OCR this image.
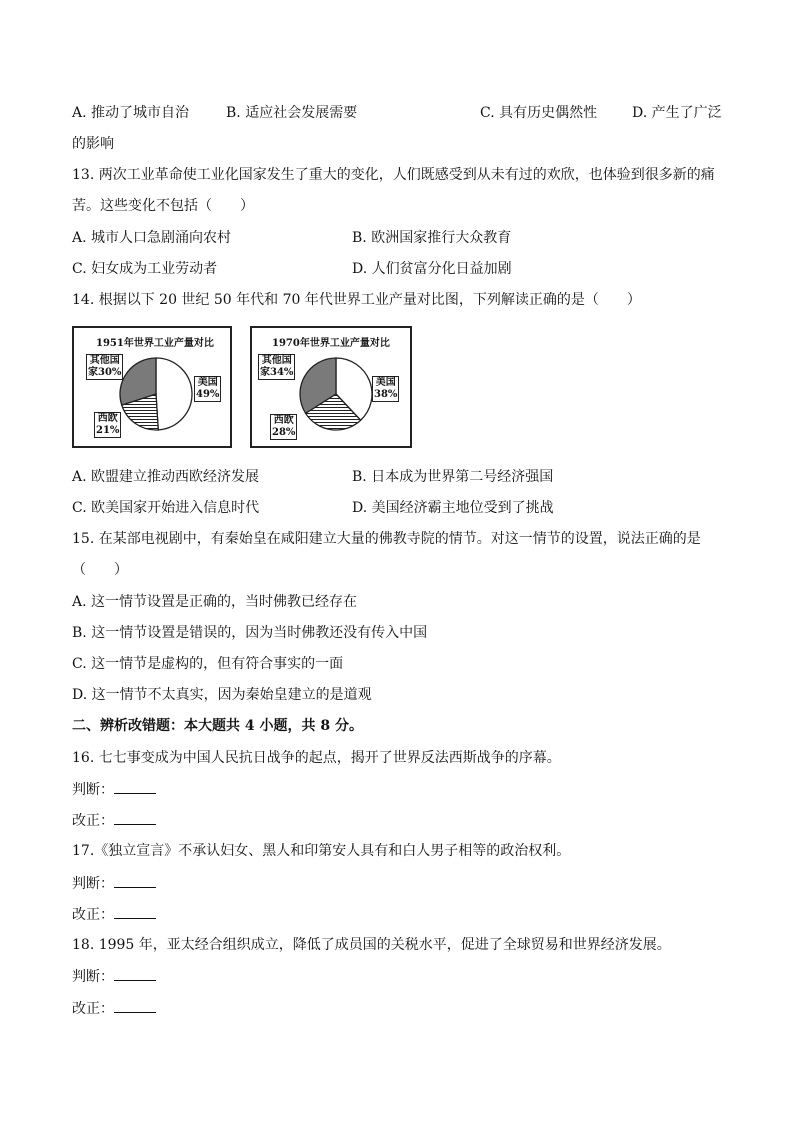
A. 推动了城市自治	B. 适应社会发展需要	C. 具有历史偶然性 D. 产生了广泛
的影响
13. 两次工业革命使工业化国家发生了重大的变化，人们既感受到从未有过的欢欣，也体验到很多新的痛
苦。这些变化不包括（　　）
A. 城市人口急剧涌向农村	B. 欧洲国家推行大众教育
C. 妇女成为工业劳动者	D. 人们贫富分化日益加剧
14. 根据以下 20 世纪 50 年代和 70 年代世界工业产量对比图，下列解读正确的是（　　）
1951年世界工业产量对比
其他国
家30%
美国
49%
西欧
21%
1970年世界工业产量对比
其他国
家34%
美国
38%
西欧
28%
A. 欧盟建立推动西欧经济发展	B. 日本成为世界第二号经济强国
C. 欧美国家开始进入信息时代	D. 美国经济霸主地位受到了挑战
15. 在某部电视剧中，有秦始皇在咸阳建立大量的佛教寺院的情节。对这一情节的设置，说法正确的是
（　　）
A. 这一情节设置是正确的，当时佛教已经存在
B. 这一情节设置是错误的，因为当时佛教还没有传入中国
C. 这一情节是虚构的，但有符合事实的一面
D. 这一情节不太真实，因为秦始皇建立的是道观
二、辨析改错题：本大题共 4 小题，共 8 分。
16. 七七事变成为中国人民抗日战争的起点，揭开了世界反法西斯战争的序幕。
判断：
改正：
17.《独立宣言》不承认妇女、黑人和印第安人具有和白人男子相等的政治权利。
判断：
改正：
18. 1995 年，亚太经合组织成立，降低了成员国的关税水平，促进了全球贸易和世界经济发展。
判断：
改正：
